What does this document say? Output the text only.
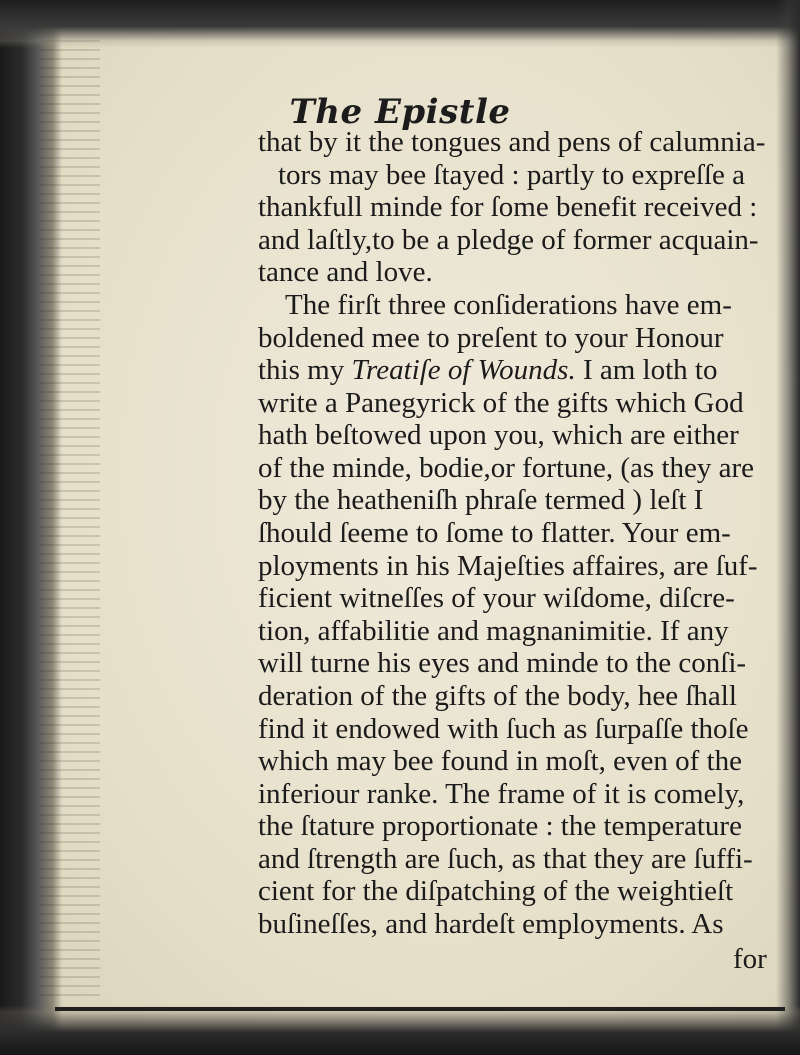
The Epistle
that by it the tongues and pens of calumnia-
tors may bee ſtayed : partly to expreſſe a
thankfull minde for ſome benefit received :
and laſtly,to be a pledge of former acquain-
tance and love.
The firſt three conſiderations have em-
boldened mee to preſent to your Honour
this my Treatiſe of Wounds. I am loth to
write a Panegyrick of the gifts which God
hath beſtowed upon you, which are either
of the minde, bodie,or fortune, (as they are
by the heatheniſh phraſe termed ) leſt I
ſhould ſeeme to ſome to flatter. Your em-
ployments in his Majeſties affaires, are ſuf-
ficient witneſſes of your wiſdome, diſcre-
tion, affabilitie and magnanimitie. If any
will turne his eyes and minde to the conſi-
deration of the gifts of the body, hee ſhall
find it endowed with ſuch as ſurpaſſe thoſe
which may bee found in moſt, even of the
inferiour ranke. The frame of it is comely,
the ſtature proportionate : the temperature
and ſtrength are ſuch, as that they are ſuffi-
cient for the diſpatching of the weightieſt
buſineſſes, and hardeſt employments. As
for
